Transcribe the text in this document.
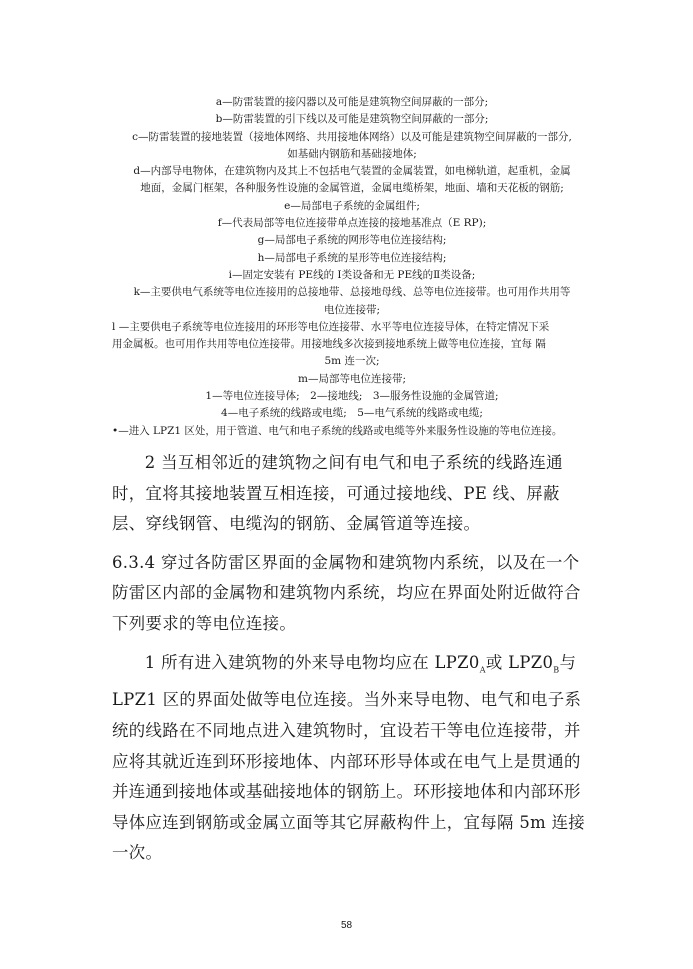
a—防雷装置的接闪器以及可能是建筑物空间屏蔽的一部分;
b—防雷装置的引下线以及可能是建筑物空间屏蔽的一部分;
c—防雷装置的接地装置（接地体网络、共用接地体网络）以及可能是建筑物空间屏蔽的一部分,
如基础内钢筋和基础接地体;
d—内部导电物体，在建筑物内及其上不包括电气装置的金属装置，如电梯轨道，起重机，金属
地面，金属门框架，各种服务性设施的金属管道，金属电缆桥架，地面、墙和天花板的钢筋;
e—局部电子系统的金属组件;
f—代表局部等电位连接带单点连接的接地基准点（E RP);
g—局部电子系统的网形等电位连接结构;
h—局部电子系统的星形等电位连接结构;
i—固定安装有 PE线的 Ⅰ类设备和无 PE线的Ⅱ类设备;
k—主要供电气系统等电位连接用的总接地带、总接地母线、总等电位连接带。也可用作共用等
电位连接带;
l —主要供电子系统等电位连接用的环形等电位连接带、水平等电位连接导体，在特定情况下采
用金属板。也可用作共用等电位连接带。用接地线多次接到接地系统上做等电位连接，宜每 隔
5m 连一次;
m—局部等电位连接带;
1—等电位连接导体;　2—接地线;　3—服务性设施的金属管道;
4—电子系统的线路或电缆;　5—电气系统的线路或电缆;
•—进入 LPZ1 区处，用于管道、电气和电子系统的线路或电缆等外来服务性设施的等电位连接。

2 当互相邻近的建筑物之间有电气和电子系统的线路连通时，宜将其接地装置互相连接，可通过接地线、PE 线、屏蔽层、穿线钢管、电缆沟的钢筋、金属管道等连接。

6.3.4 穿过各防雷区界面的金属物和建筑物内系统，以及在一个防雷区内部的金属物和建筑物内系统，均应在界面处附近做符合下列要求的等电位连接。

1 所有进入建筑物的外来导电物均应在 $LPZ0_A$或 $LPZ0_B$与 LPZ1 区的界面处做等电位连接。当外来导电物、电气和电子系统的线路在不同地点进入建筑物时，宜设若干等电位连接带，并应将其就近连到环形接地体、内部环形导体或在电气上是贯通的并连通到接地体或基础接地体的钢筋上。环形接地体和内部环形导体应连到钢筋或金属立面等其它屏蔽构件上，宜每隔 5m 连接一次。

58
